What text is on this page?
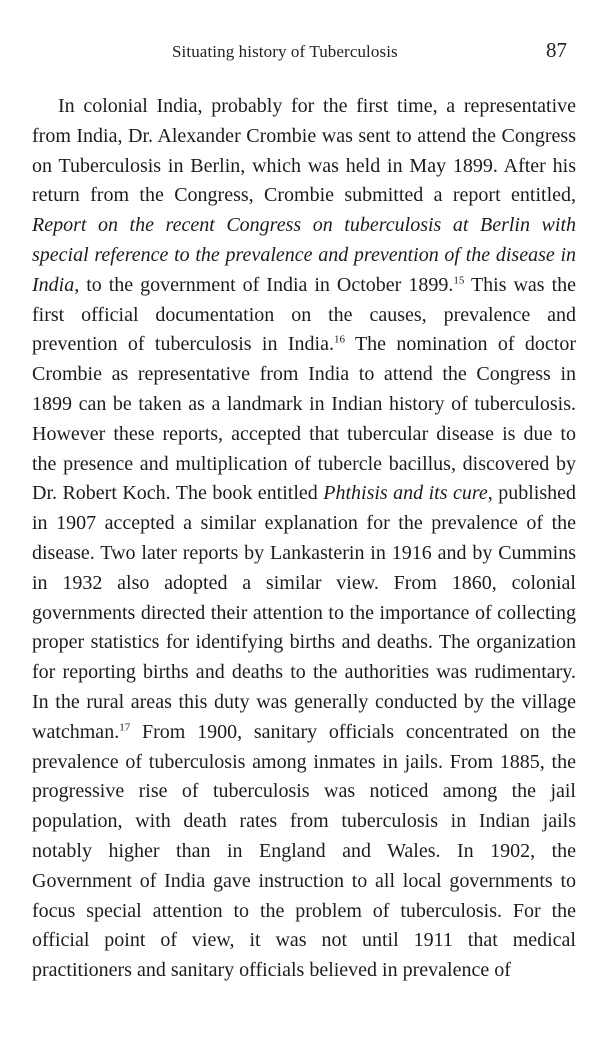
Situating history of Tuberculosis	87

In colonial India, probably for the first time, a representative from India, Dr. Alexander Crombie was sent to attend the Congress on Tuberculosis in Berlin, which was held in May 1899. After his return from the Congress, Crombie submitted a report entitled, Report on the recent Congress on tuberculosis at Berlin with special reference to the prevalence and prevention of the disease in India, to the government of India in October 1899.15 This was the first official documentation on the causes, prevalence and prevention of tuberculosis in India.$^{16}$ The nomination of doctor Crombie as representative from India to attend the Congress in 1899 can be taken as a landmark in Indian history of tuberculosis. However these reports, accepted that tubercular disease is due to the presence and multiplication of tubercle bacillus, discovered by Dr. Robert Koch. The book entitled Phthisis and its cure, published in 1907 accepted a similar explanation for the prevalence of the disease. Two later reports by Lankasterin in 1916 and by Cummins in 1932 also adopted a similar view. From 1860, colonial governments directed their attention to the importance of collecting proper statistics for identifying births and deaths. The organization for reporting births and deaths to the authorities was rudimentary. In the rural areas this duty was generally conducted by the village watchman.$^{17}$ From 1900, sanitary officials concentrated on the prevalence of tuberculosis among inmates in jails. From 1885, the progressive rise of tuberculosis was noticed among the jail population, with death rates from tuberculosis in Indian jails notably higher than in England and Wales. In 1902, the Government of India gave instruction to all local governments to focus special attention to the problem of tuberculosis. For the official point of view, it was not until 1911 that medical practitioners and sanitary officials believed in prevalence of
